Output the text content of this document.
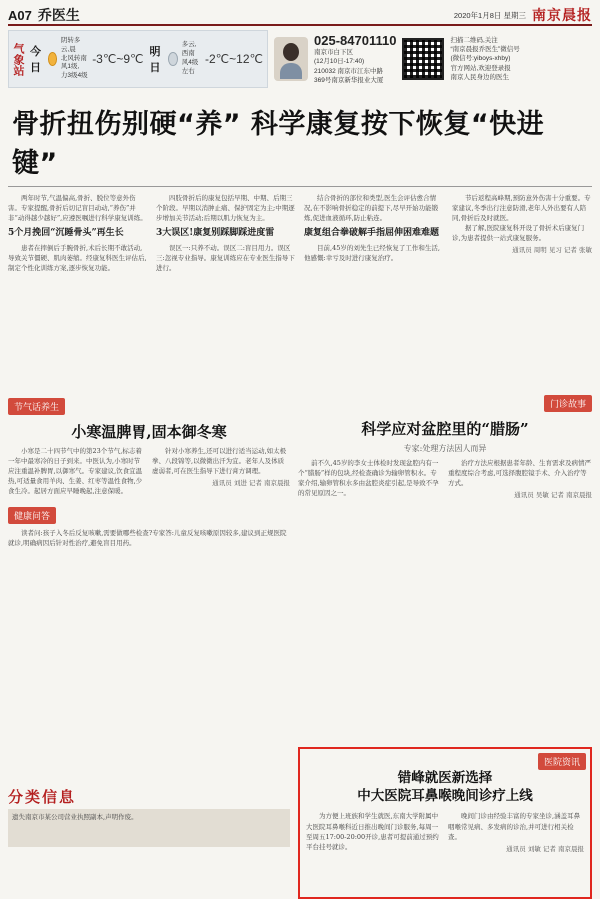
A07 乔医生	2020年1月8日 星期三 南京晨报
气象站 今日
阴转多云,晨
北风转南风1级,
力3级4级
-3℃~9℃
明日
多云,西南
风4级左右
-2℃~12℃
025-84701110
南京市白下区
(12月10日-17:40)
210032 南京市江东中路
369号南京新华报业大厦
扫描二维码,关注
“南京晨报乔医生”微信号
(微信号:yiboys-xhby)
官方网站,欢迎登录报
南京人民身边的医生
骨折扭伤别硬“养” 科学康复按下恢复“快进键”

两年时节,气温偏高,骨折、脱位等意外伤害。专家提醒,骨折后切记盲目动动,“养伤”并非“动得越少越好”,应遵医嘱进行科学康复训练。

5个月挽回“沉睡骨头”再生长

患者在摔倒后手腕骨折,术后长期不敢活动,导致关节僵硬、肌肉萎缩。经康复科医生评估后,制定个性化训练方案,逐步恢复功能。

四肢骨折后的康复包括早期、中期、后期三个阶段。早期以消肿止痛、保护固定为主;中期逐步增加关节活动;后期以肌力恢复为主。

3大误区!康复别踩脚踩进度雷

误区一:只养不动。误区二:盲目用力。误区三:忽视专业指导。康复训练应在专业医生指导下进行。

结合骨折的部位和类型,医生会评估愈合情况,在不影响骨折稳定的前提下,尽早开始功能锻炼,促进血液循环,防止粘连。

康复组合拳破解手指屈伸困难难题

目前,45岁的刘先生已经恢复了工作和生活,他感慨:幸亏及时进行康复治疗。

节后返程高峰期,预防意外伤害十分重要。专家建议,冬季出行注意防滑,老年人外出要有人陪同,骨折后及时就医。

据了解,医院康复科开设了骨折术后康复门诊,为患者提供一站式康复服务。

通讯员 周明 见习 记者 张敏
节气话养生
小寒温脾胃,固本御冬寒

小寒是二十四节气中的第23个节气,标志着一年中最寒冷的日子到来。中医认为,小寒时节应注重温补脾胃,以御寒气。专家建议,饮食宜温热,可适量食用羊肉、生姜、红枣等温性食物,少食生冷。起居方面应早睡晚起,注意保暖。

针对小寒养生,还可以进行适当运动,如太极拳、八段锦等,以微微出汗为宜。老年人及体质虚弱者,可在医生指导下进行膏方调理。

通讯员 刘进 记者 南京晨报
健康问答

读者问:孩子入冬后反复咳嗽,需要做哪些检查?专家答:儿童反复咳嗽原因较多,建议到正规医院就诊,明确病因后针对性治疗,避免盲目用药。

门诊故事
科学应对盆腔里的“腊肠”
专家:处理方法因人而异

前不久,45岁的李女士体检时发现盆腔内有一个“腊肠”样的包块,经检查确诊为输卵管积水。专家介绍,输卵管积水多由盆腔炎症引起,是导致不孕的常见原因之一。

治疗方法应根据患者年龄、生育需求及病情严重程度综合考虑,可选择腹腔镜手术、介入治疗等方式。

通讯员 吴敏 记者 南京晨报
医院资讯
错峰就医新选择
中大医院耳鼻喉晚间诊疗上线

为方便上班族和学生就医,东南大学附属中大医院耳鼻喉科近日推出晚间门诊服务,每周一至周五17:00-20:00开诊,患者可提前通过预约平台挂号就诊。

晚间门诊由经验丰富的专家坐诊,涵盖耳鼻咽喉常见病、多发病的诊治,并可进行相关检查。

通讯员 刘敏 记者 南京晨报
分类信息
遗失南京市某公司营业执照副本,声明作废。
